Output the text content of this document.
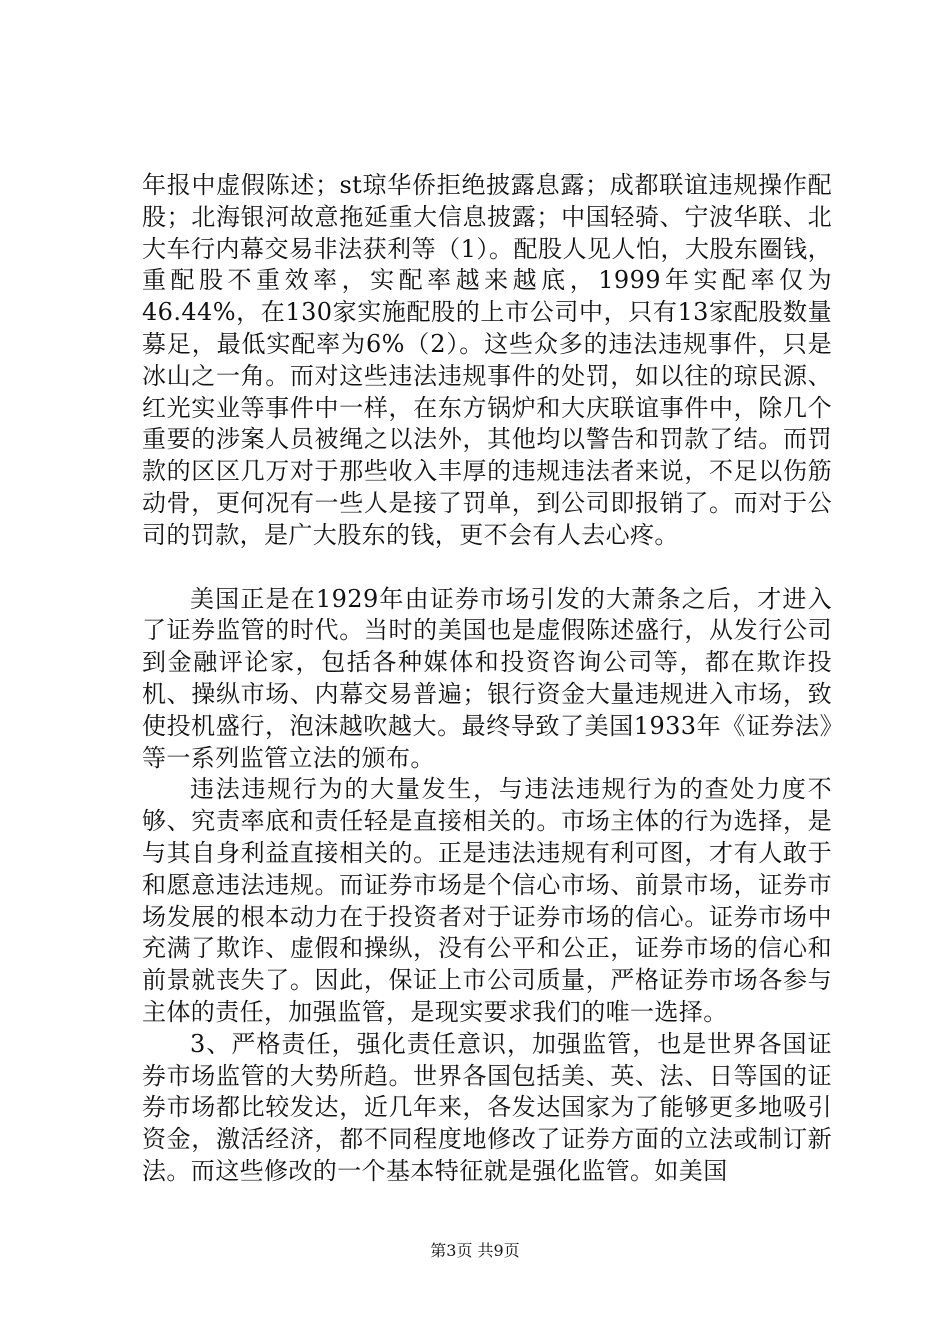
年报中虚假陈述；st琼华侨拒绝披露息露；成都联谊违规操作配股；北海银河故意拖延重大信息披露；中国轻骑、宁波华联、北大车行内幕交易非法获利等（1）。配股人见人怕，大股东圈钱，重配股不重效率，实配率越来越底，1999年实配率仅为46.44%，在130家实施配股的上市公司中，只有13家配股数量募足，最低实配率为6%（2）。这些众多的违法违规事件，只是冰山之一角。而对这些违法违规事件的处罚，如以往的琼民源、红光实业等事件中一样，在东方锅炉和大庆联谊事件中，除几个重要的涉案人员被绳之以法外，其他均以警告和罚款了结。而罚款的区区几万对于那些收入丰厚的违规违法者来说，不足以伤筋动骨，更何况有一些人是接了罚单，到公司即报销了。而对于公司的罚款，是广大股东的钱，更不会有人去心疼。

美国正是在1929年由证券市场引发的大萧条之后，才进入了证券监管的时代。当时的美国也是虚假陈述盛行，从发行公司到金融评论家，包括各种媒体和投资咨询公司等，都在欺诈投机、操纵市场、内幕交易普遍；银行资金大量违规进入市场，致使投机盛行，泡沫越吹越大。最终导致了美国1933年《证券法》等一系列监管立法的颁布。

违法违规行为的大量发生，与违法违规行为的查处力度不够、究责率底和责任轻是直接相关的。市场主体的行为选择，是与其自身利益直接相关的。正是违法违规有利可图，才有人敢于和愿意违法违规。而证券市场是个信心市场、前景市场，证券市场发展的根本动力在于投资者对于证券市场的信心。证券市场中充满了欺诈、虚假和操纵，没有公平和公正，证券市场的信心和前景就丧失了。因此，保证上市公司质量，严格证券市场各参与主体的责任，加强监管，是现实要求我们的唯一选择。

3、严格责任，强化责任意识，加强监管，也是世界各国证券市场监管的大势所趋。世界各国包括美、英、法、日等国的证券市场都比较发达，近几年来，各发达国家为了能够更多地吸引资金，激活经济，都不同程度地修改了证券方面的立法或制订新法。而这些修改的一个基本特征就是强化监管。如美国

第3页 共9页
